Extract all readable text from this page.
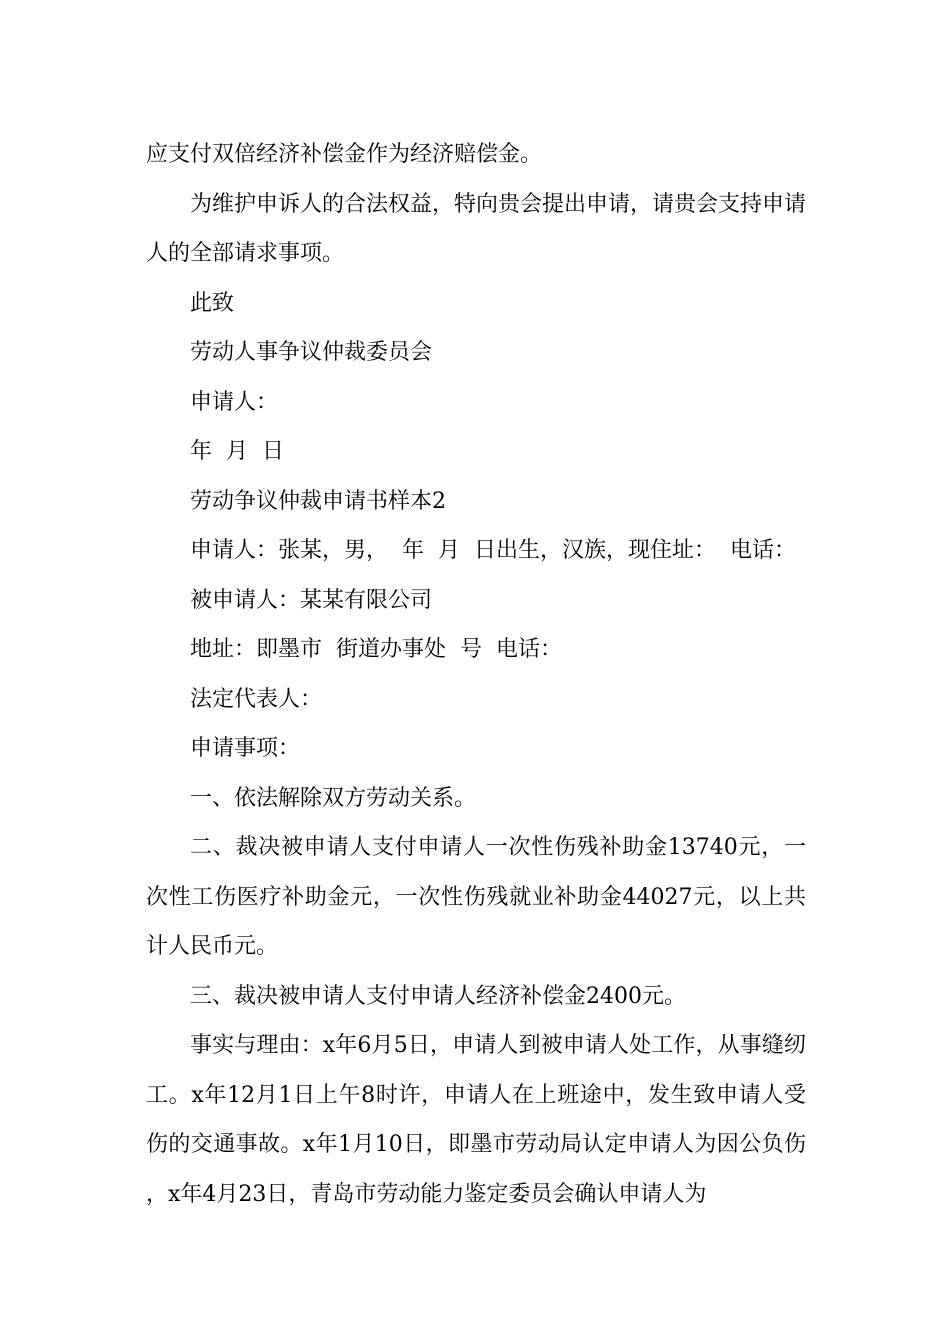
应支付双倍经济补偿金作为经济赔偿金。

为维护申诉人的合法权益，特向贵会提出申请，请贵会支持申请人的全部请求事项。

此致

劳动人事争议仲裁委员会

申请人：

年  月  日

劳动争议仲裁申请书样本2

申请人：张某，男，  年  月  日出生，汉族，现住址：  电话：

被申请人：某某有限公司

地址：即墨市  街道办事处  号  电话：

法定代表人：

申请事项：

一、依法解除双方劳动关系。

二、裁决被申请人支付申请人一次性伤残补助金13740元，一次性工伤医疗补助金元，一次性伤残就业补助金44027元，以上共计人民币元。

三、裁决被申请人支付申请人经济补偿金2400元。

事实与理由：x年6月5日，申请人到被申请人处工作，从事缝纫工。x年12月1日上午8时许，申请人在上班途中，发生致申请人受伤的交通事故。x年1月10日，即墨市劳动局认定申请人为因公负伤，x年4月23日，青岛市劳动能力鉴定委员会确认申请人为
